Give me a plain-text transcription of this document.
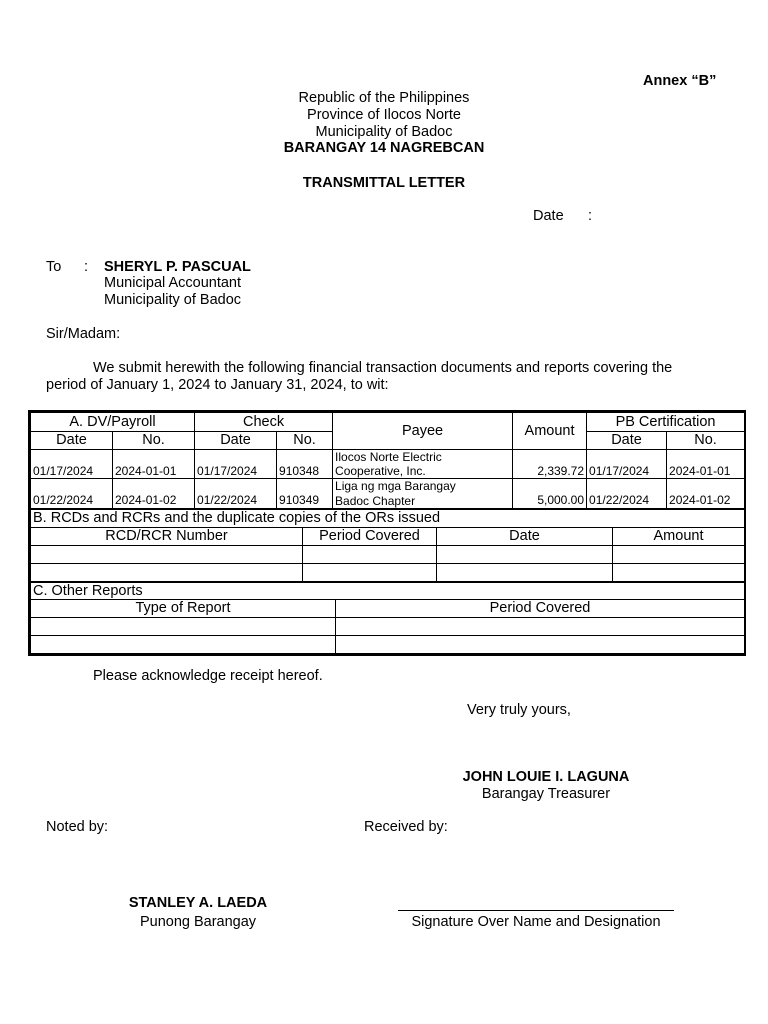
Annex “B”
Republic of the Philippines
Province of Ilocos Norte
Municipality of Badoc
BARANGAY 14 NAGREBCAN
TRANSMITTAL LETTER
Date :
To : SHERYL P. PASCUAL
Municipal Accountant
Municipality of Badoc
Sir/Madam:
We submit herewith the following financial transaction documents and reports covering the
period of January 1, 2024 to January 31, 2024, to wit:
A. DV/Payroll		Check		Payee	Amount	PB Certification	
Date	No.	Date	No.			Date	No.
01/17/2024	2024-01-01	01/17/2024	910348	Ilocos Norte Electric
Cooperative, Inc.	2,339.72	01/17/2024	2024-01-01
01/22/2024	2024-01-02	01/22/2024	910349	Liga ng mga Barangay
Badoc Chapter	5,000.00	01/22/2024	2024-01-02
B. RCDs and RCRs and the duplicate copies of the ORs issued			
RCD/RCR Number	Period Covered	Date	Amount

C. Other Reports	
Type of Report	Period Covered

Please acknowledge receipt hereof.
Very truly yours,
JOHN LOUIE I. LAGUNA
Barangay Treasurer
Noted by:	Received by:
STANLEY A. LAEDA
Punong Barangay	Signature Over Name and Designation
